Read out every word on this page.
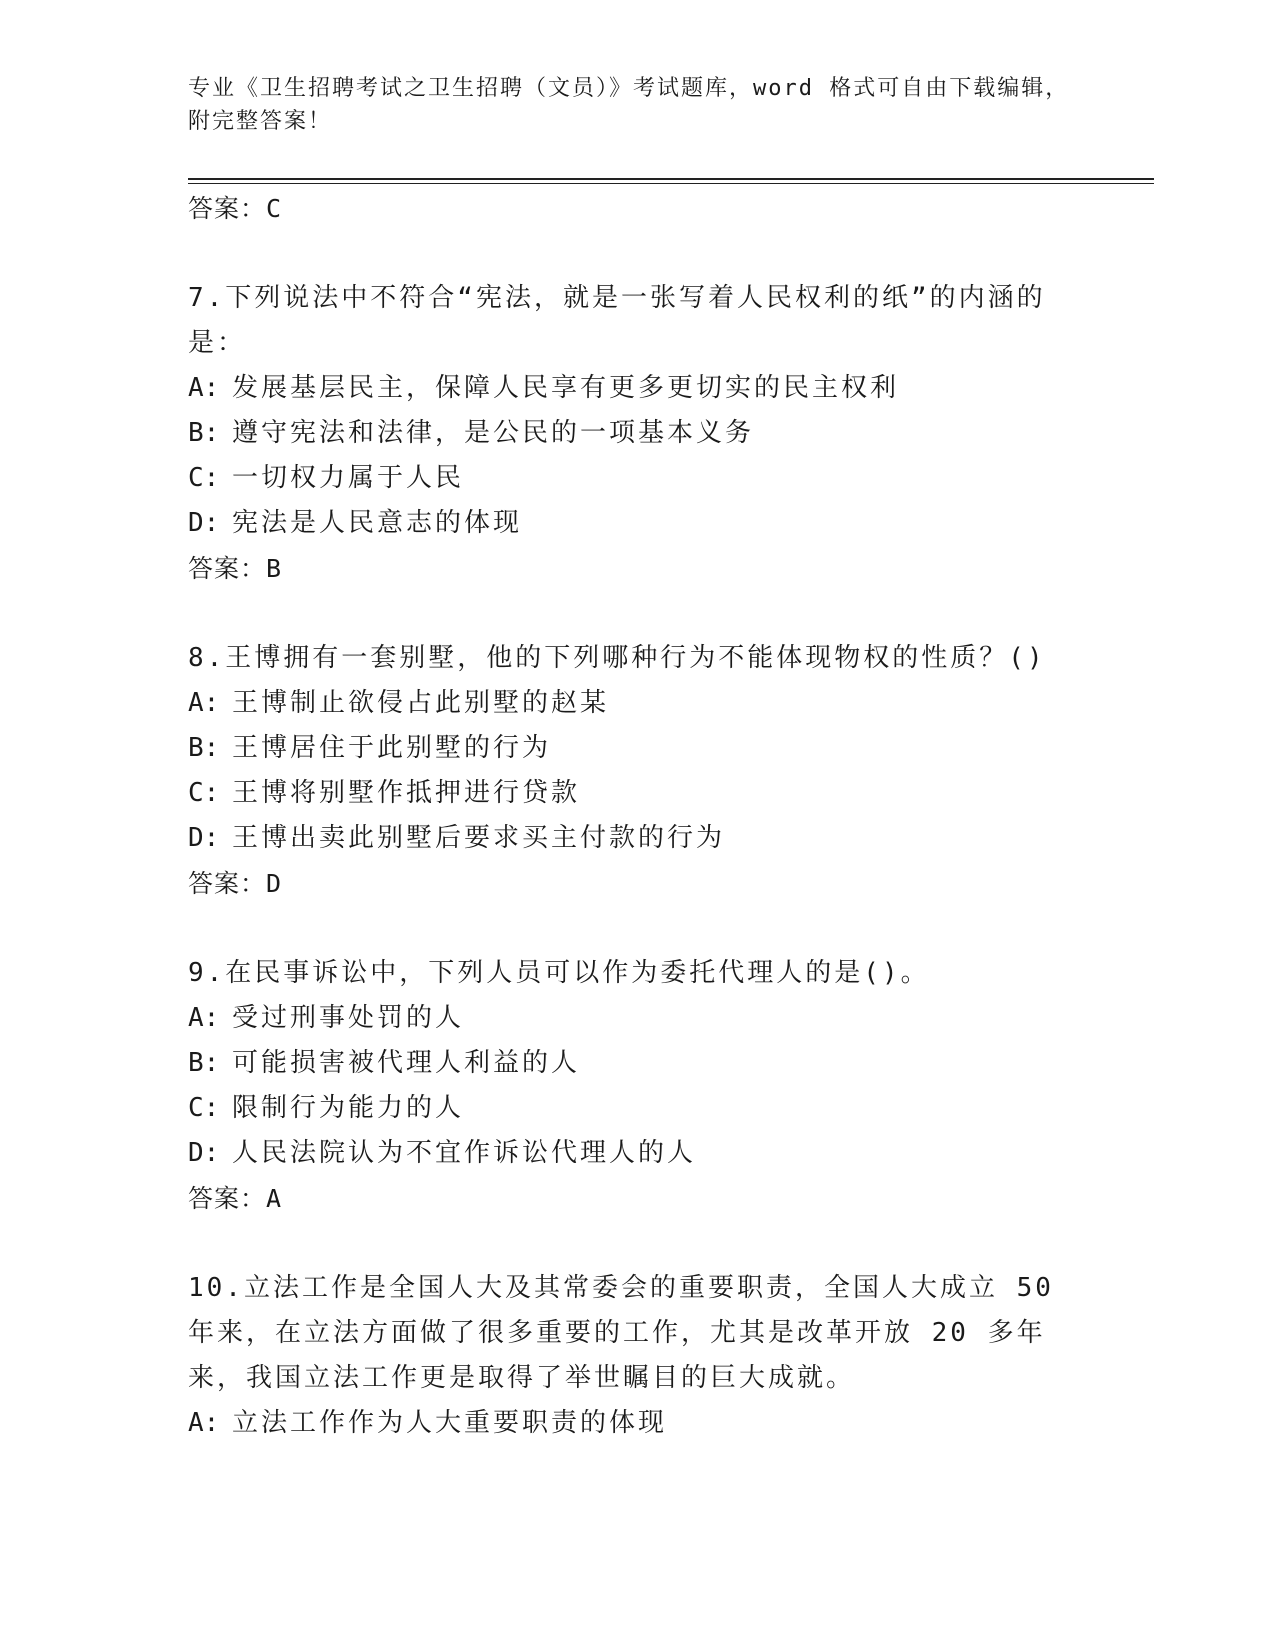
专业《卫生招聘考试之卫生招聘（文员）》考试题库，word 格式可自由下载编辑，附完整答案！

答案：C

7.下列说法中不符合“宪法，就是一张写着人民权利的纸”的内涵的是：

A: 发展基层民主，保障人民享有更多更切实的民主权利

B: 遵守宪法和法律，是公民的一项基本义务

C: 一切权力属于人民

D: 宪法是人民意志的体现

答案：B

8.王博拥有一套别墅，他的下列哪种行为不能体现物权的性质？()

A: 王博制止欲侵占此别墅的赵某

B: 王博居住于此别墅的行为

C: 王博将别墅作抵押进行贷款

D: 王博出卖此别墅后要求买主付款的行为

答案：D

9.在民事诉讼中，下列人员可以作为委托代理人的是()。

A: 受过刑事处罚的人

B: 可能损害被代理人利益的人

C: 限制行为能力的人

D: 人民法院认为不宜作诉讼代理人的人

答案：A

10.立法工作是全国人大及其常委会的重要职责，全国人大成立 50 年来，在立法方面做了很多重要的工作，尤其是改革开放 20 多年来，我国立法工作更是取得了举世瞩目的巨大成就。

A: 立法工作作为人大重要职责的体现
